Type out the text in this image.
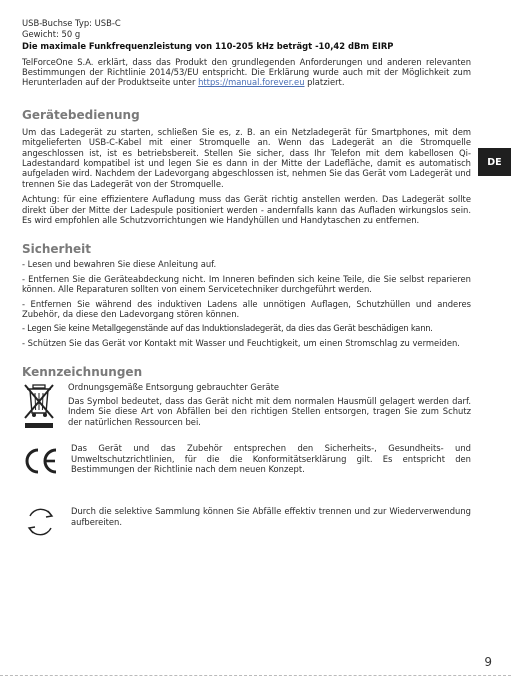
DE

USB-Buchse Typ: USB-C

Gewicht: 50 g

Die maximale Funkfrequenzleistung von 110-205 kHz beträgt -10,42 dBm EIRP

TelForceOne S.A. erklärt, dass das Produkt den grundlegenden Anforderungen und anderen relevanten Bestimmungen der Richtlinie 2014/53/EU entspricht. Die Erklärung wurde auch mit der Möglichkeit zum Herunterladen auf der Produktseite unter https://manual.forever.eu platziert.

Gerätebedienung

Um das Ladegerät zu starten, schließen Sie es, z. B. an ein Netzladegerät für Smartphones, mit dem mitgelieferten USB-C-Kabel mit einer Stromquelle an. Wenn das Ladegerät an die Stromquelle angeschlossen ist, ist es betriebsbereit. Stellen Sie sicher, dass Ihr Telefon mit dem kabellosen Qi-Ladestandard kompatibel ist und legen Sie es dann in der Mitte der Ladefläche, damit es automatisch aufgeladen wird. Nachdem der Ladevorgang abgeschlossen ist, nehmen Sie das Gerät vom Ladegerät und trennen Sie das Ladegerät von der Stromquelle.

Achtung: für eine effizientere Aufladung muss das Gerät richtig anstellen werden. Das Ladegerät sollte direkt über der Mitte der Ladespule positioniert werden - andernfalls kann das Aufladen wirkungslos sein. Es wird empfohlen alle Schutzvorrichtungen wie Handyhüllen und Handytaschen zu entfernen.

Sicherheit

- Lesen und bewahren Sie diese Anleitung auf.

- Entfernen Sie die Geräteabdeckung nicht. Im Inneren befinden sich keine Teile, die Sie selbst reparieren können. Alle Reparaturen sollten von einem Servicetechniker durchgeführt werden.

- Entfernen Sie während des induktiven Ladens alle unnötigen Auflagen, Schutzhüllen und anderes Zubehör, da diese den Ladevorgang stören können.

- Legen Sie keine Metallgegenstände auf das Induktionsladegerät, da dies das Gerät beschädigen kann.

- Schützen Sie das Gerät vor Kontakt mit Wasser und Feuchtigkeit, um einen Stromschlag zu vermeiden.

Kennzeichnungen

Ordnungsgemäße Entsorgung gebrauchter Geräte

Das Symbol bedeutet, dass das Gerät nicht mit dem normalen Hausmüll gelagert werden darf. Indem Sie diese Art von Abfällen bei den richtigen Stellen entsorgen, tragen Sie zum Schutz der natürlichen Ressourcen bei.

Das Gerät und das Zubehör entsprechen den Sicherheits-, Gesundheits- und Umweltschutzrichtlinien, für die die Konformitätserklärung gilt. Es entspricht den Bestimmungen der Richtlinie nach dem neuen Konzept.

Durch die selektive Sammlung können Sie Abfälle effektiv trennen und zur Wiederverwendung aufbereiten.

9
